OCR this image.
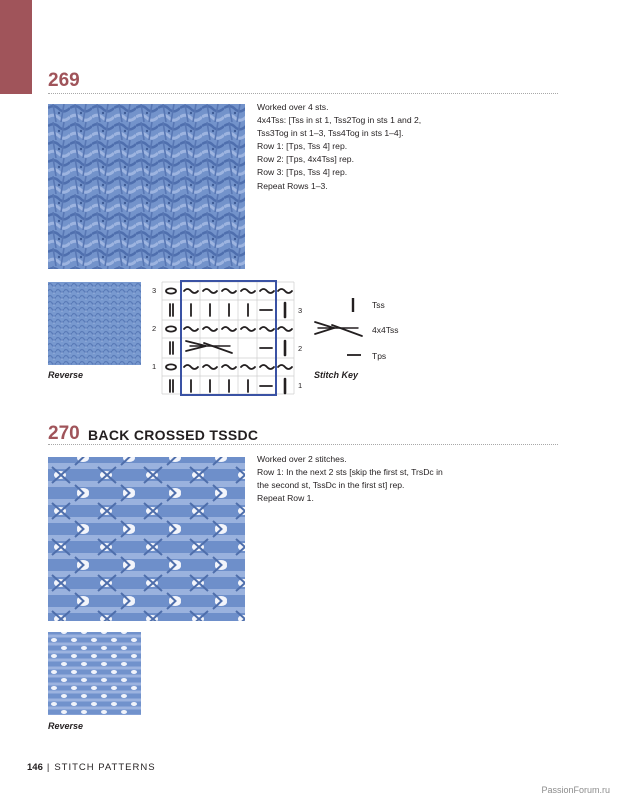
269

Worked over 4 sts.

4x4Tss: [Tss in st 1, Tss2Tog in sts 1 and 2,

Tss3Tog in st 1–3, Tss4Tog in sts 1–4].

Row 1: [Tps, Tss 4] rep.

Row 2: [Tps, 4x4Tss] rep.

Row 3: [Tps, Tss 4] rep.

Repeat Rows 1–3.

Reverse
3
2
1
3
2
1
Stitch Key
Tss
4x4Tss
Tps
270 BACK CROSSED TSSDC

Worked over 2 stitches.

Row 1: In the next 2 sts [skip the first st, TrsDc in

the second st, TssDc in the first st] rep.

Repeat Row 1.

Reverse
146 | STITCH PATTERNS
PassionForum.ru
